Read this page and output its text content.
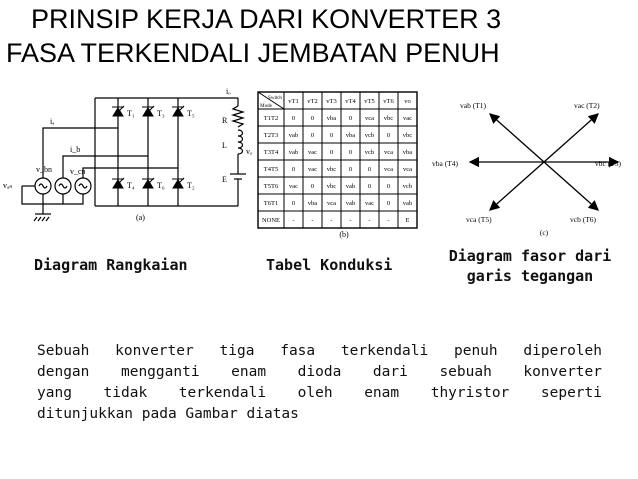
PRINSIP KERJA DARI KONVERTER 3
FASA TERKENDALI JEMBATAN PENUH
T₁	T₃	T₅
T₄	T₆	T₂
R
L
E
vₒ
iₒ
iₐ
i_b
vₐₙ
v_bn v_cn
(a)
Switch
Mode
vT1 vT2 vT3 vT4 vT5 vT6 vo
T1T2 0 0 vba 0 vca vbc vac
T2T3 vab 0 0 vba vcb 0 vbc
T3T4 vab vac 0 0 vcb vca vba
T4T5 0 vac vbc 0 0 vca vca
T5T6 vac 0 vbc vab 0 0 vcb
T6T1 0 vba vca vab vac 0 vab
NONE -	-	-	-	-	- E
(b)
vab (T1)	vac (T2)
vbc (T3)
vba (T4)
vca (T5)	vcb (T6)
(c)
Diagram Rangkaian	Tabel Konduksi	Diagram fasor dari
garis tegangan
Sebuah konverter tiga fasa terkendali penuh diperoleh
dengan mengganti enam dioda dari sebuah konverter
yang tidak terkendali oleh enam thyristor seperti
ditunjukkan pada Gambar diatas
